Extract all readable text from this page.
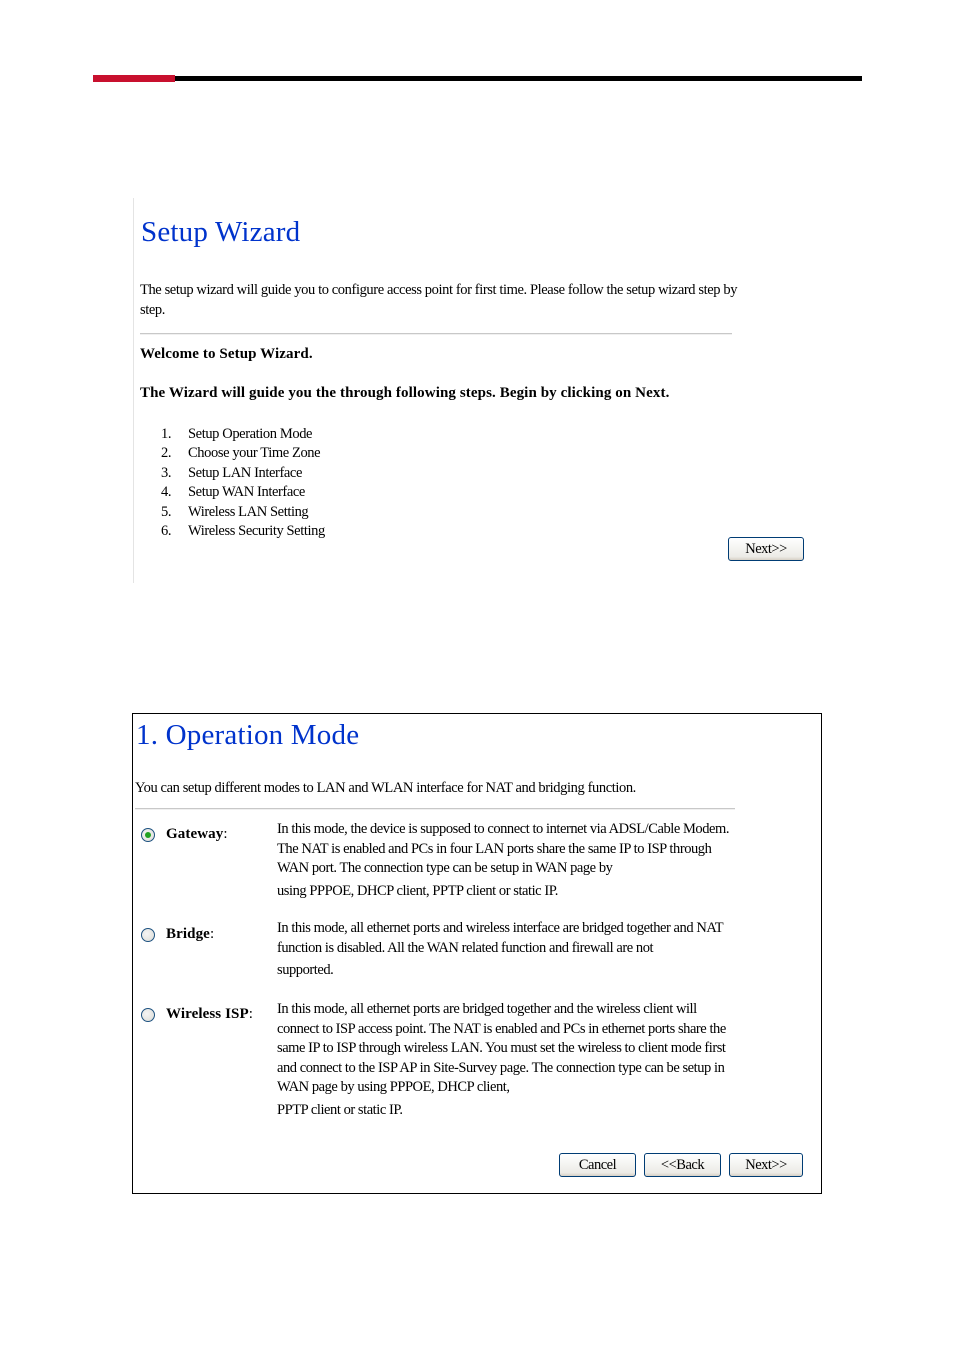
Setup Wizard
The setup wizard will guide you to configure access point for first time. Please follow the setup wizard step by step.
Welcome to Setup Wizard.
The Wizard will guide you the through following steps. Begin by clicking on Next.
1.	Setup Operation Mode
2.	Choose your Time Zone
3.	Setup LAN Interface
4.	Setup WAN Interface
5.	Wireless LAN Setting
6.	Wireless Security Setting
Next>>
1. Operation Mode
You can setup different modes to LAN and WLAN interface for NAT and bridging function.
Gateway:	In this mode, the device is supposed to connect to internet via ADSL/Cable Modem. The NAT is enabled and PCs in four LAN ports share the same IP to ISP through WAN port. The connection type can be setup in WAN page by
using PPPOE, DHCP client, PPTP client or static IP.
Bridge:	In this mode, all ethernet ports and wireless interface are bridged together and NAT function is disabled. All the WAN related function and firewall are not
supported.
Wireless ISP: In this mode, all ethernet ports are bridged together and the wireless client will connect to ISP access point. The NAT is enabled and PCs in ethernet ports share the same IP to ISP through wireless LAN. You must set the wireless to client mode first and connect to the ISP AP in Site-Survey page. The connection type can be setup in WAN page by using PPPOE, DHCP client,
PPTP client or static IP.
Cancel	<<Back	Next>>
